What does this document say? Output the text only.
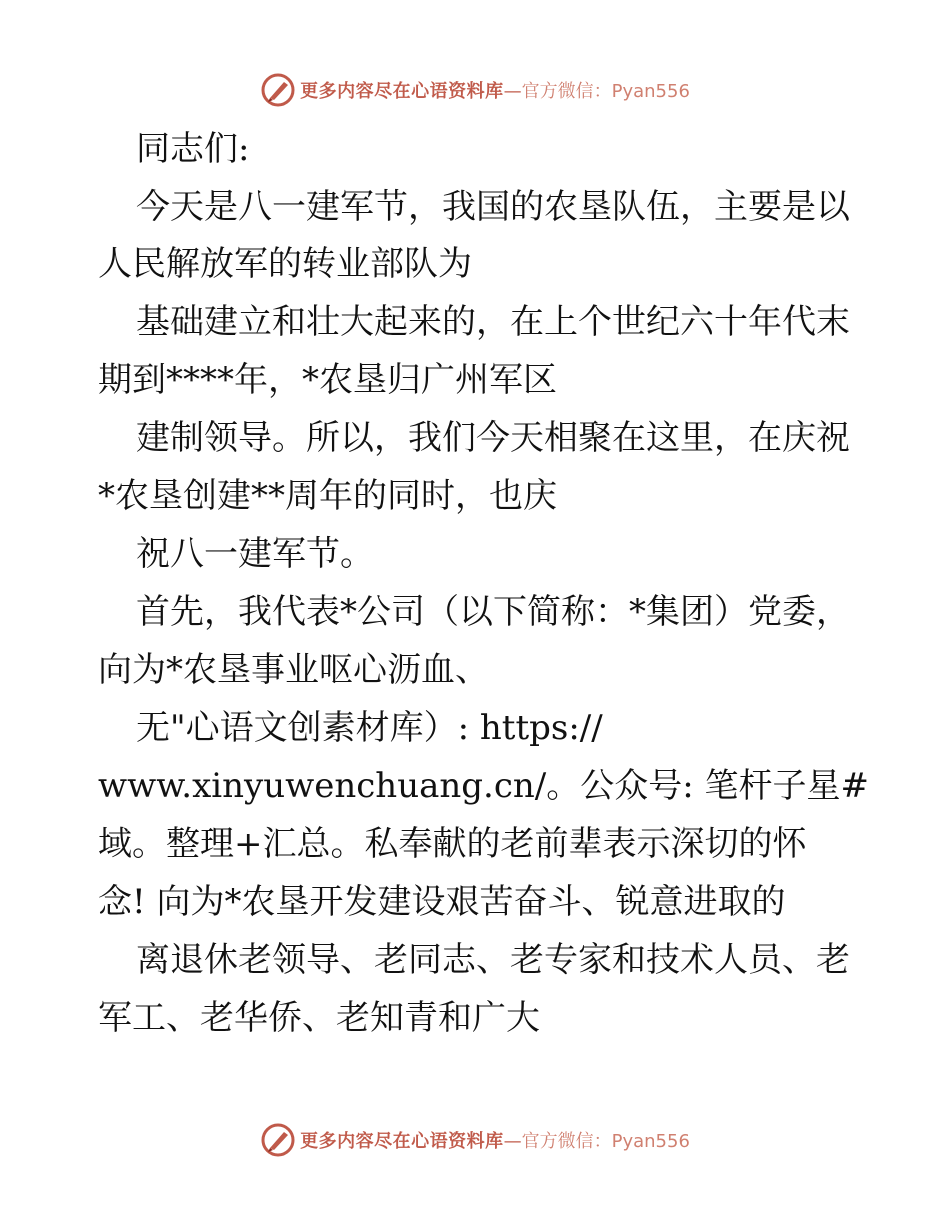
更多内容尽在心语资料库 — 官方微信： Pyan556
同志们:
今天是八一建军节，我国的农垦队伍，主要是以
人民解放军的转业部队为
基础建立和壮大起来的，在上个世纪六十年代末
期到****年，*农垦归广州军区
建制领导。所以，我们今天相聚在这里，在庆祝
*农垦创建**周年的同时，也庆
祝八一建军节。
首先，我代表*公司（以下简称：*集团）党委，
向为*农垦事业呕心沥血、
无"心语文创素材库）: https://
www.xinyuwenchuang.cn/。公众号: 笔杆子星#
域。整理+汇总。私奉献的老前辈表示深切的怀
念! 向为*农垦开发建设艰苦奋斗、锐意进取的
离退休老领导、老同志、老专家和技术人员、老
军工、老华侨、老知青和广大
更多内容尽在心语资料库 — 官方微信： Pyan556
